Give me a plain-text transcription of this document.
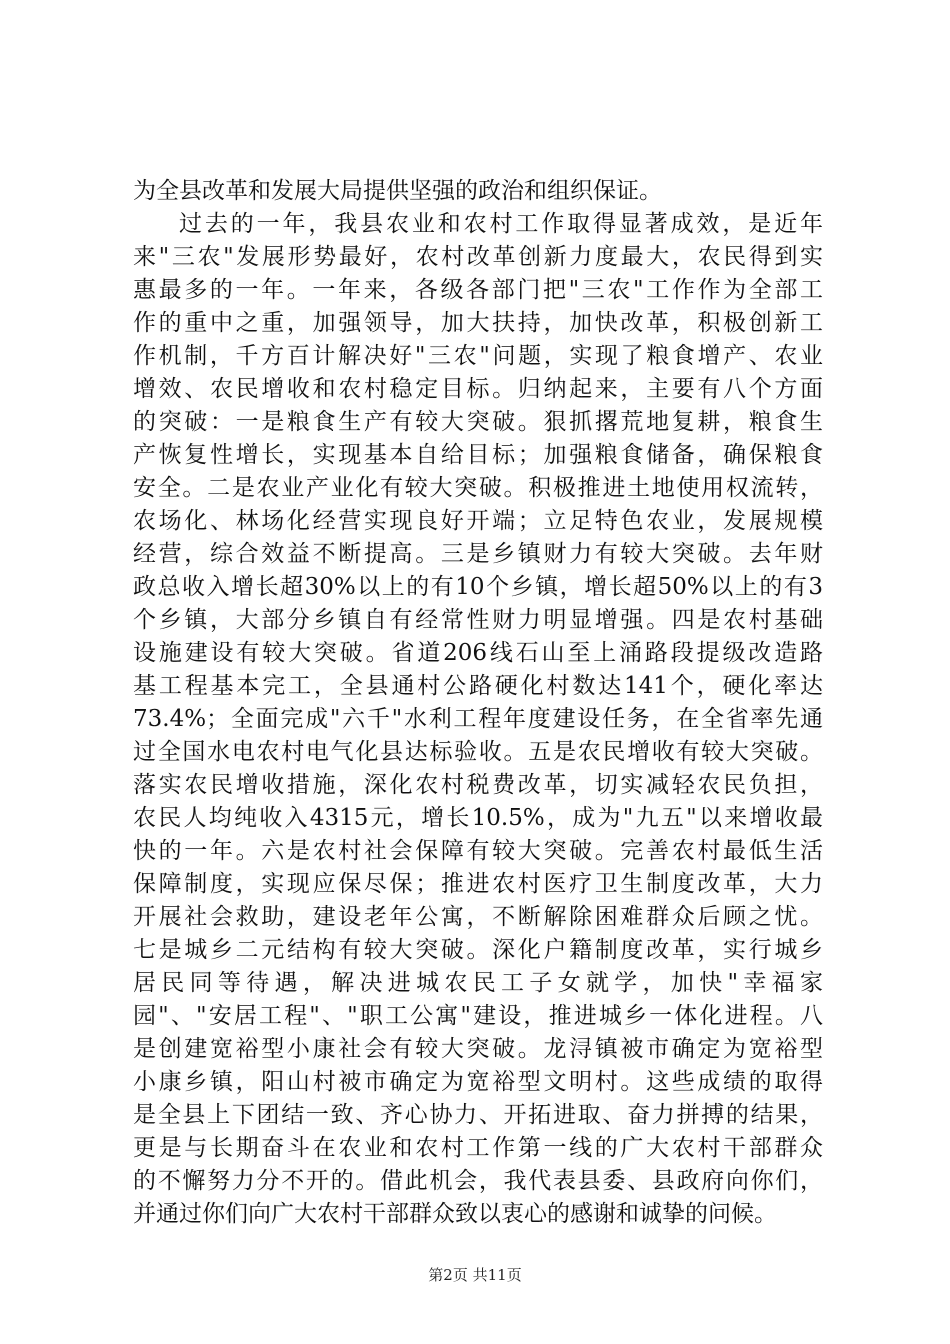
为全县改革和发展大局提供坚强的政治和组织保证。
过去的一年，我县农业和农村工作取得显著成效，是近年
来"三农"发展形势最好，农村改革创新力度最大，农民得到实
惠最多的一年。一年来，各级各部门把"三农"工作作为全部工
作的重中之重，加强领导，加大扶持，加快改革，积极创新工
作机制，千方百计解决好"三农"问题，实现了粮食增产、农业
增效、农民增收和农村稳定目标。归纳起来，主要有八个方面
的突破：一是粮食生产有较大突破。狠抓撂荒地复耕，粮食生
产恢复性增长，实现基本自给目标；加强粮食储备，确保粮食
安全。二是农业产业化有较大突破。积极推进土地使用权流转，
农场化、林场化经营实现良好开端；立足特色农业，发展规模
经营，综合效益不断提高。三是乡镇财力有较大突破。去年财
政总收入增长超30%以上的有10个乡镇，增长超50%以上的有3
个乡镇，大部分乡镇自有经常性财力明显增强。四是农村基础
设施建设有较大突破。省道206线石山至上涌路段提级改造路
基工程基本完工，全县通村公路硬化村数达141个，硬化率达
73.4%；全面完成"六千"水利工程年度建设任务，在全省率先通
过全国水电农村电气化县达标验收。五是农民增收有较大突破。
落实农民增收措施，深化农村税费改革，切实减轻农民负担，
农民人均纯收入4315元，增长10.5%，成为"九五"以来增收最
快的一年。六是农村社会保障有较大突破。完善农村最低生活
保障制度，实现应保尽保；推进农村医疗卫生制度改革，大力
开展社会救助，建设老年公寓，不断解除困难群众后顾之忧。
七是城乡二元结构有较大突破。深化户籍制度改革，实行城乡
居民同等待遇，解决进城农民工子女就学，加快"幸福家
园"、"安居工程"、"职工公寓"建设，推进城乡一体化进程。八
是创建宽裕型小康社会有较大突破。龙浔镇被市确定为宽裕型
小康乡镇，阳山村被市确定为宽裕型文明村。这些成绩的取得
是全县上下团结一致、齐心协力、开拓进取、奋力拼搏的结果，
更是与长期奋斗在农业和农村工作第一线的广大农村干部群众
的不懈努力分不开的。借此机会，我代表县委、县政府向你们，
并通过你们向广大农村干部群众致以衷心的感谢和诚挚的问候。
第2页 共11页
